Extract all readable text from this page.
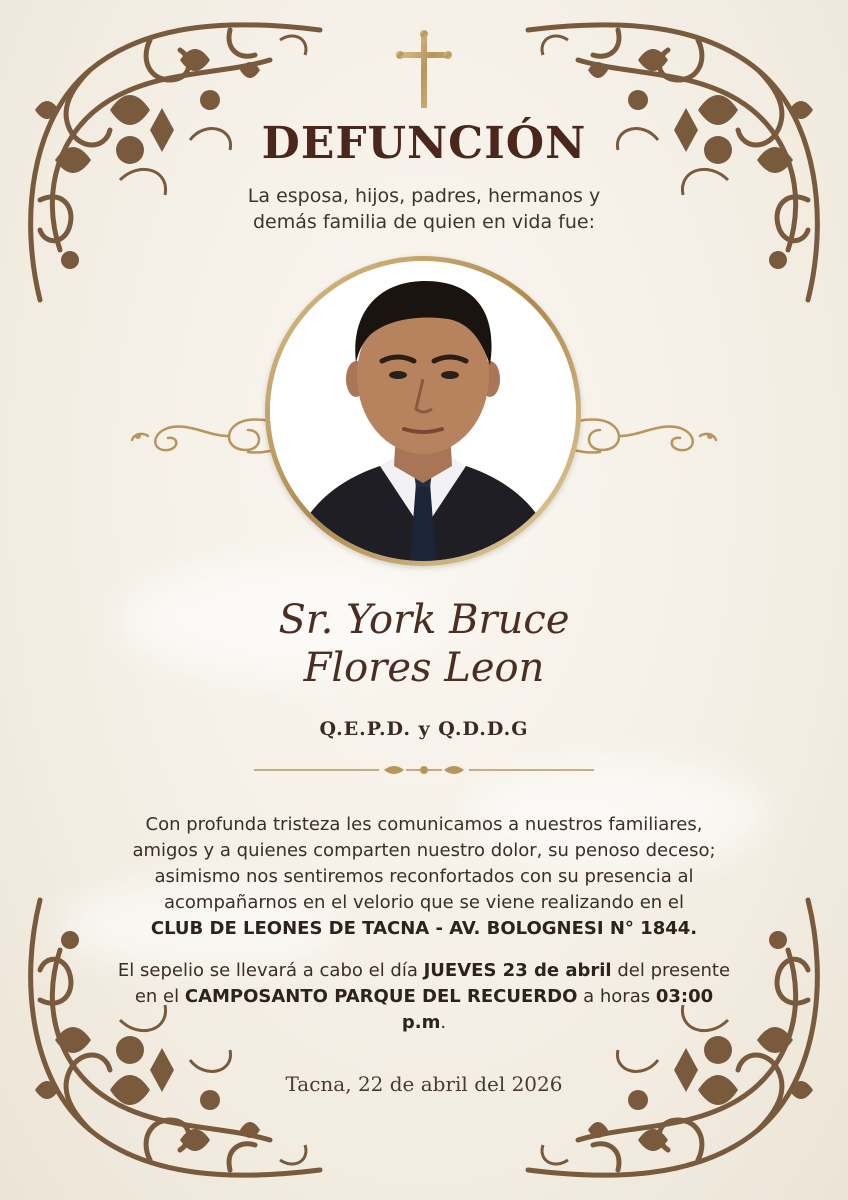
DEFUNCIÓN
La esposa, hijos, padres, hermanos y
demás familia de quien en vida fue:
Sr. York Bruce
Flores Leon
Q.E.P.D. y Q.D.D.G
Con profunda tristeza les comunicamos a nuestros familiares,
amigos y a quienes comparten nuestro dolor, su penoso deceso;
asimismo nos sentiremos reconfortados con su presencia al
acompañarnos en el velorio que se viene realizando en el
CLUB DE LEONES DE TACNA - AV. BOLOGNESI N° 1844.
El sepelio se llevará a cabo el día JUEVES 23 de abril del presente en el CAMPOSANTO PARQUE DEL RECUERDO a horas 03:00 p.m.
Tacna, 22 de abril del 2026
